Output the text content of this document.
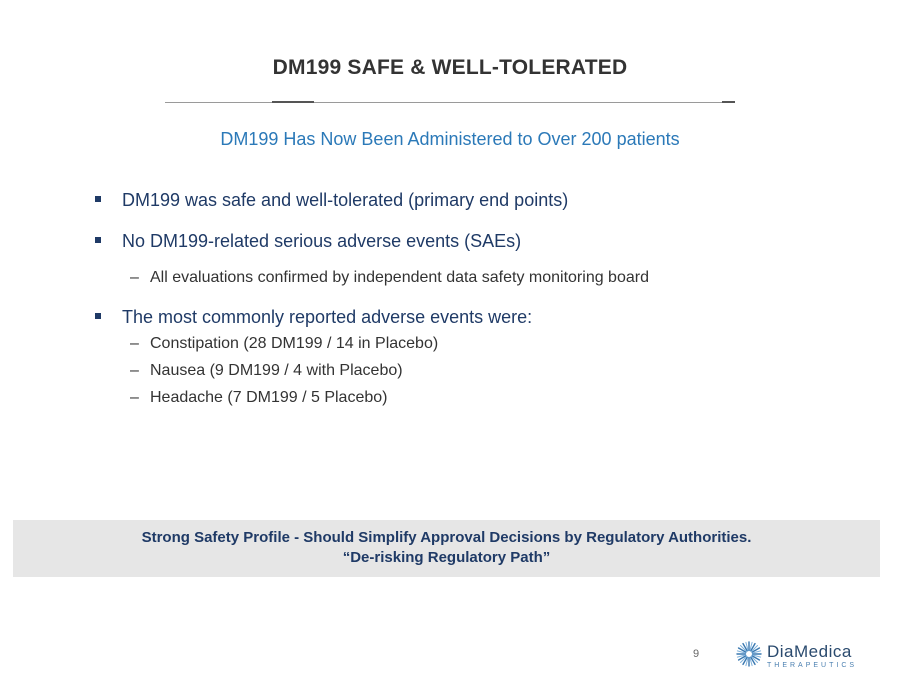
DM199 SAFE & WELL-TOLERATED
DM199 Has Now Been Administered to Over 200 patients
DM199 was safe and well-tolerated (primary end points)
No DM199-related serious adverse events (SAEs)
– All evaluations confirmed by independent data safety monitoring board
The most commonly reported adverse events were:
– Constipation (28 DM199 / 14 in Placebo)
– Nausea (9 DM199 / 4 with Placebo)
– Headache (7 DM199 / 5 Placebo)
Strong Safety Profile - Should Simplify Approval Decisions by Regulatory Authorities.
“De-risking Regulatory Path”
9	DiaMedica
THERAPEUTICS
